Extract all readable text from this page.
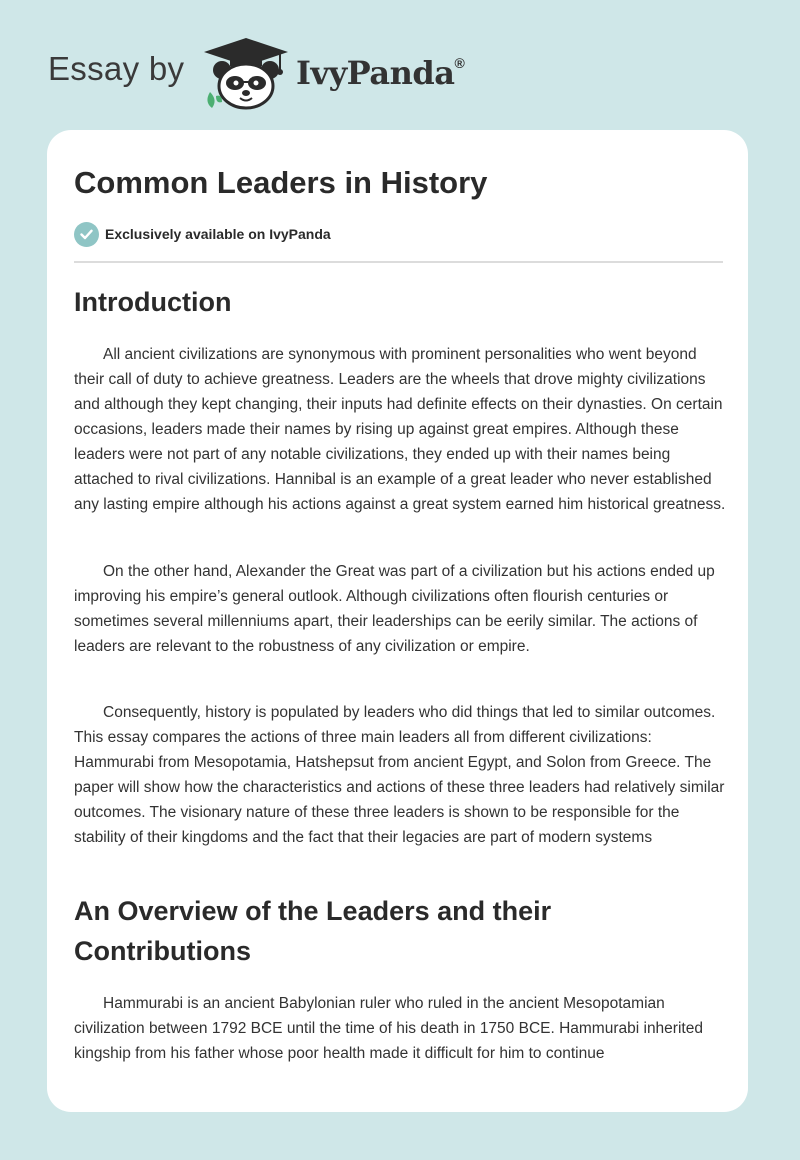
Essay by	IvyPanda®
Common Leaders in History
Exclusively available on IvyPanda
Introduction

All ancient civilizations are synonymous with prominent personalities who went beyond their call of duty to achieve greatness. Leaders are the wheels that drove mighty civilizations and although they kept changing, their inputs had definite effects on their dynasties. On certain occasions, leaders made their names by rising up against great empires. Although these leaders were not part of any notable civilizations, they ended up with their names being attached to rival civilizations. Hannibal is an example of a great leader who never established any lasting empire although his actions against a great system earned him historical greatness.

On the other hand, Alexander the Great was part of a civilization but his actions ended up improving his empire’s general outlook. Although civilizations often flourish centuries or sometimes several millenniums apart, their leaderships can be eerily similar. The actions of leaders are relevant to the robustness of any civilization or empire.

Consequently, history is populated by leaders who did things that led to similar outcomes. This essay compares the actions of three main leaders all from different civilizations: Hammurabi from Mesopotamia, Hatshepsut from ancient Egypt, and Solon from Greece. The paper will show how the characteristics and actions of these three leaders had relatively similar outcomes. The visionary nature of these three leaders is shown to be responsible for the stability of their kingdoms and the fact that their legacies are part of modern systems

An Overview of the Leaders and their Contributions

Hammurabi is an ancient Babylonian ruler who ruled in the ancient Mesopotamian civilization between 1792 BCE until the time of his death in 1750 BCE. Hammurabi inherited kingship from his father whose poor health made it difficult for him to continue
